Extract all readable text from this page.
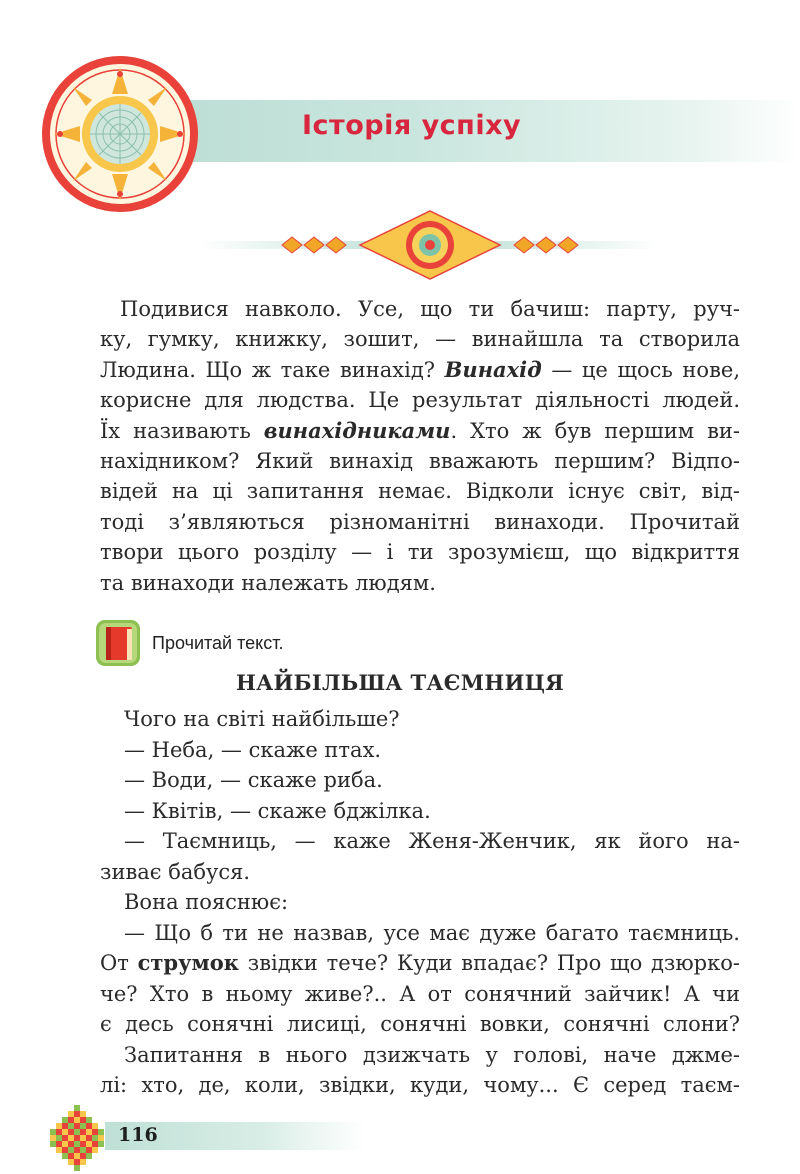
Історія успіху
Подивися навколо. Усе, що ти бачиш: парту, руч-
ку, гумку, книжку, зошит, — винайшла та створила
Людина. Що ж таке винахід? Винахід — це щось нове,
корисне для людства. Це результат діяльності людей.
Їх називають винахідниками. Хто ж був першим ви-
нахідником? Який винахід вважають першим? Відпо-
відей на ці запитання немає. Відколи існує світ, від-
тоді з’являються різноманітні винаходи. Прочитай
твори цього розділу — і ти зрозумієш, що відкриття
та винаходи належать людям.
Прочитай текст.
НАЙБІЛЬША ТАЄМНИЦЯ
Чого на світі найбільше?
— Неба, — скаже птах.
— Води, — скаже риба.
— Квітів, — скаже бджілка.
— Таємниць, — каже Женя-Женчик, як його на-
зиває бабуся.
Вона пояснює:
— Що б ти не назвав, усе має дуже багато таємниць.
От струмок звідки тече? Куди впадає? Про що дзюрко-
че? Хто в ньому живе?.. А от сонячний зайчик! А чи
є десь сонячні лисиці, сонячні вовки, сонячні слони?
Запитання в нього дзижчать у голові, наче джме-
лі: хто, де, коли, звідки, куди, чому... Є серед таєм-
116
